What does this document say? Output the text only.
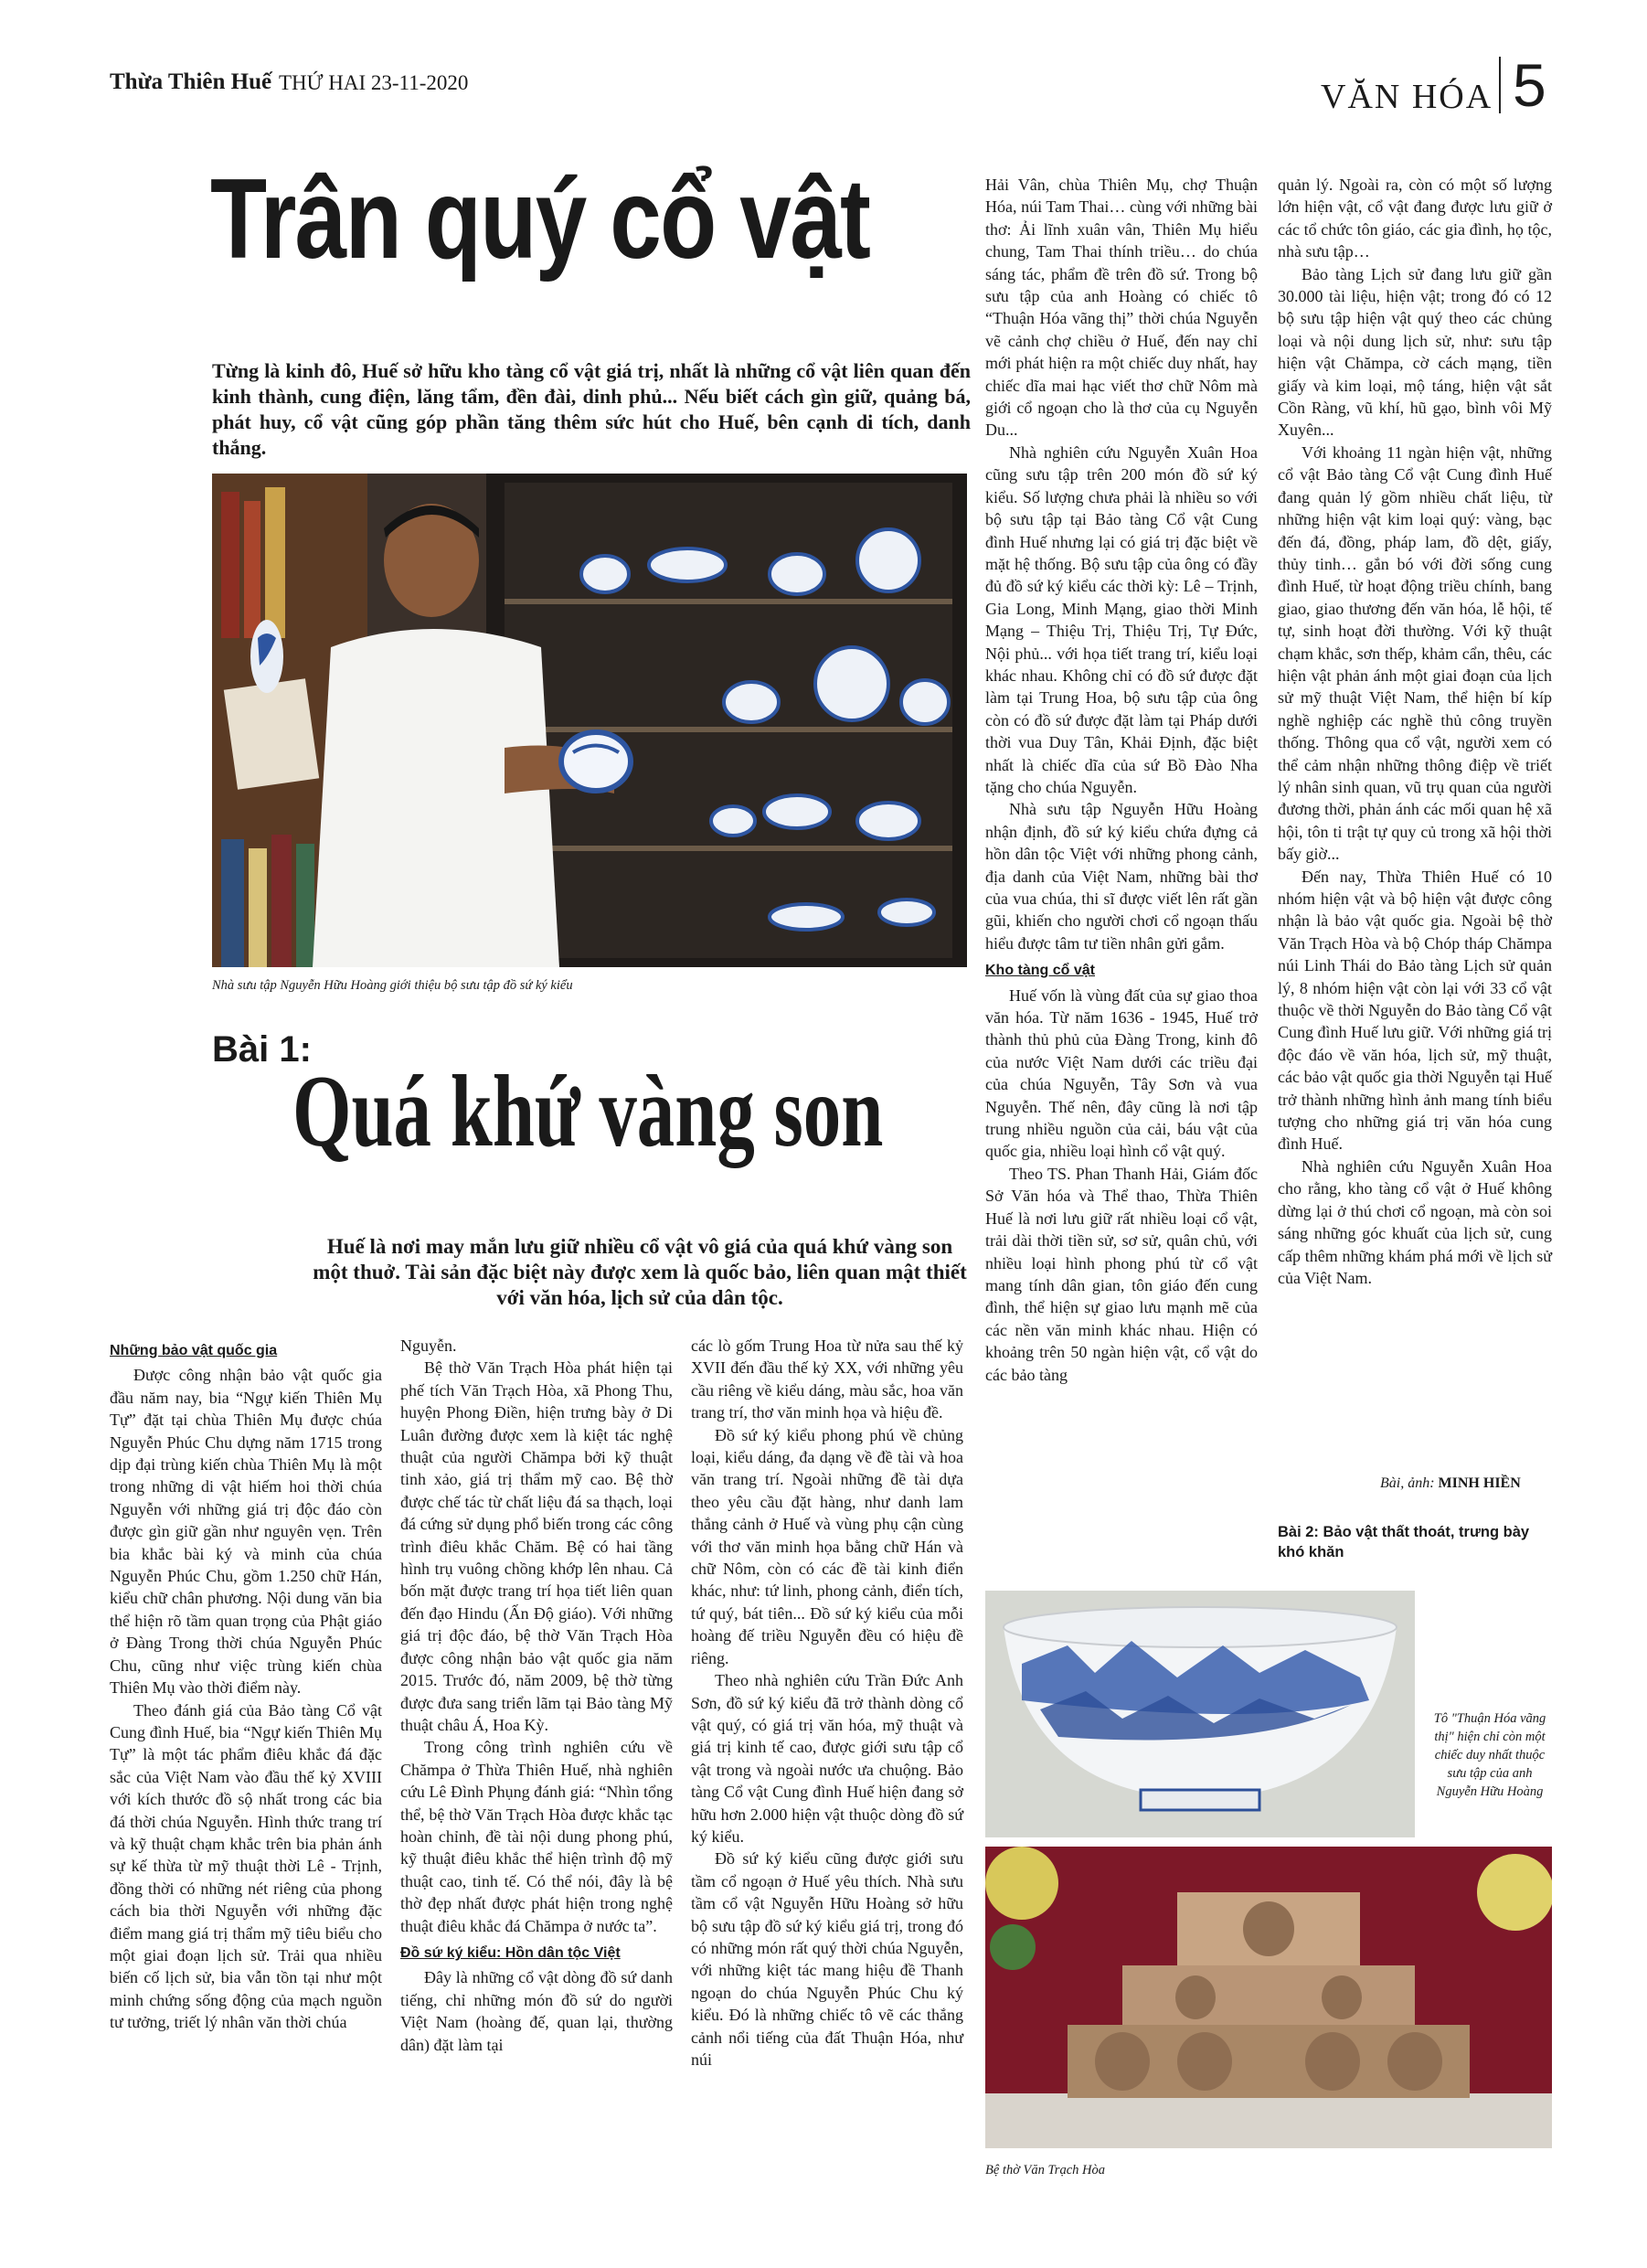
Thừa Thiên Huế THỨ HAI 23-11-2020	VĂN HÓA 5
Trân quý cổ vật
Từng là kinh đô, Huế sở hữu kho tàng cổ vật giá trị, nhất là những cổ vật liên quan đến kinh thành, cung điện, lăng tẩm, đền đài, dinh phủ... Nếu biết cách gìn giữ, quảng bá, phát huy, cổ vật cũng góp phần tăng thêm sức hút cho Huế, bên cạnh di tích, danh thắng.
Nhà sưu tập Nguyễn Hữu Hoàng giới thiệu bộ sưu tập đồ sứ ký kiểu
Bài 1:
Quá khứ vàng son
Huế là nơi may mắn lưu giữ nhiều cổ vật vô giá của quá khứ vàng son một thuở. Tài sản đặc biệt này được xem là quốc bảo, liên quan mật thiết với văn hóa, lịch sử của dân tộc.

Những bảo vật quốc gia

Được công nhận bảo vật quốc gia đầu năm nay, bia “Ngự kiến Thiên Mụ Tự” đặt tại chùa Thiên Mụ được chúa Nguyễn Phúc Chu dựng năm 1715 trong dịp đại trùng kiến chùa Thiên Mụ là một trong những di vật hiếm hoi thời chúa Nguyễn với những giá trị độc đáo còn được gìn giữ gần như nguyên vẹn. Trên bia khắc bài ký và minh của chúa Nguyễn Phúc Chu, gồm 1.250 chữ Hán, kiểu chữ chân phương. Nội dung văn bia thể hiện rõ tầm quan trọng của Phật giáo ở Đàng Trong thời chúa Nguyễn Phúc Chu, cũng như việc trùng kiến chùa Thiên Mụ vào thời điểm này.

Theo đánh giá của Bảo tàng Cổ vật Cung đình Huế, bia “Ngự kiến Thiên Mụ Tự” là một tác phẩm điêu khắc đá đặc sắc của Việt Nam vào đầu thế kỷ XVIII với kích thước đồ sộ nhất trong các bia đá thời chúa Nguyễn. Hình thức trang trí và kỹ thuật chạm khắc trên bia phản ánh sự kế thừa từ mỹ thuật thời Lê - Trịnh, đồng thời có những nét riêng của phong cách bia thời Nguyễn với những đặc điểm mang giá trị thẩm mỹ tiêu biểu cho một giai đoạn lịch sử. Trải qua nhiều biến cố lịch sử, bia vẫn tồn tại như một minh chứng sống động của mạch nguồn tư tưởng, triết lý nhân văn thời chúa

Nguyễn.

Bệ thờ Văn Trạch Hòa phát hiện tại phế tích Văn Trạch Hòa, xã Phong Thu, huyện Phong Điền, hiện trưng bày ở Di Luân đường được xem là kiệt tác nghệ thuật của người Chămpa bởi kỹ thuật tinh xảo, giá trị thẩm mỹ cao. Bệ thờ được chế tác từ chất liệu đá sa thạch, loại đá cứng sử dụng phổ biến trong các công trình điêu khắc Chăm. Bệ có hai tầng hình trụ vuông chồng khớp lên nhau. Cả bốn mặt được trang trí họa tiết liên quan đến đạo Hindu (Ấn Độ giáo). Với những giá trị độc đáo, bệ thờ Văn Trạch Hòa được công nhận bảo vật quốc gia năm 2015. Trước đó, năm 2009, bệ thờ từng được đưa sang triển lãm tại Bảo tàng Mỹ thuật châu Á, Hoa Kỳ.

Trong công trình nghiên cứu về Chămpa ở Thừa Thiên Huế, nhà nghiên cứu Lê Đình Phụng đánh giá: “Nhìn tổng thể, bệ thờ Văn Trạch Hòa được khắc tạc hoàn chỉnh, đề tài nội dung phong phú, kỹ thuật điêu khắc thể hiện trình độ mỹ thuật cao, tinh tế. Có thể nói, đây là bệ thờ đẹp nhất được phát hiện trong nghệ thuật điêu khắc đá Chămpa ở nước ta”.

Đồ sứ ký kiểu: Hồn dân tộc Việt

Đây là những cổ vật dòng đồ sứ danh tiếng, chỉ những món đồ sứ do người Việt Nam (hoàng đế, quan lại, thường dân) đặt làm tại

các lò gốm Trung Hoa từ nửa sau thế kỷ XVII đến đầu thế kỷ XX, với những yêu cầu riêng về kiểu dáng, màu sắc, hoa văn trang trí, thơ văn minh họa và hiệu đề.

Đồ sứ ký kiểu phong phú về chủng loại, kiểu dáng, đa dạng về đề tài và hoa văn trang trí. Ngoài những đề tài dựa theo yêu cầu đặt hàng, như danh lam thắng cảnh ở Huế và vùng phụ cận cùng với thơ văn minh họa bằng chữ Hán và chữ Nôm, còn có các đề tài kinh điển khác, như: tứ linh, phong cảnh, điển tích, tứ quý, bát tiên... Đồ sứ ký kiểu của mỗi hoàng đế triều Nguyễn đều có hiệu đề riêng.

Theo nhà nghiên cứu Trần Đức Anh Sơn, đồ sứ ký kiểu đã trở thành dòng cổ vật quý, có giá trị văn hóa, mỹ thuật và giá trị kinh tế cao, được giới sưu tập cổ vật trong và ngoài nước ưa chuộng. Bảo tàng Cổ vật Cung đình Huế hiện đang sở hữu hơn 2.000 hiện vật thuộc dòng đồ sứ ký kiểu.

Đồ sứ ký kiểu cũng được giới sưu tầm cổ ngoạn ở Huế yêu thích. Nhà sưu tầm cổ vật Nguyễn Hữu Hoàng sở hữu bộ sưu tập đồ sứ ký kiểu giá trị, trong đó có những món rất quý thời chúa Nguyễn, với những kiệt tác mang hiệu đề Thanh ngoạn do chúa Nguyễn Phúc Chu ký kiểu. Đó là những chiếc tô vẽ các thắng cảnh nổi tiếng của đất Thuận Hóa, như núi

Hải Vân, chùa Thiên Mụ, chợ Thuận Hóa, núi Tam Thai… cùng với những bài thơ: Ải lĩnh xuân vân, Thiên Mụ hiểu chung, Tam Thai thính triều… do chúa sáng tác, phẩm đề trên đồ sứ. Trong bộ sưu tập của anh Hoàng có chiếc tô “Thuận Hóa vãng thị” thời chúa Nguyễn vẽ cảnh chợ chiều ở Huế, đến nay chỉ mới phát hiện ra một chiếc duy nhất, hay chiếc dĩa mai hạc viết thơ chữ Nôm mà giới cổ ngoạn cho là thơ của cụ Nguyễn Du...

Nhà nghiên cứu Nguyễn Xuân Hoa cũng sưu tập trên 200 món đồ sứ ký kiểu. Số lượng chưa phải là nhiều so với bộ sưu tập tại Bảo tàng Cổ vật Cung đình Huế nhưng lại có giá trị đặc biệt về mặt hệ thống. Bộ sưu tập của ông có đầy đủ đồ sứ ký kiểu các thời kỳ: Lê – Trịnh, Gia Long, Minh Mạng, giao thời Minh Mạng – Thiệu Trị, Thiệu Trị, Tự Đức, Nội phủ... với họa tiết trang trí, kiểu loại khác nhau. Không chỉ có đồ sứ được đặt làm tại Trung Hoa, bộ sưu tập của ông còn có đồ sứ được đặt làm tại Pháp dưới thời vua Duy Tân, Khải Định, đặc biệt nhất là chiếc dĩa của sứ Bồ Đào Nha tặng cho chúa Nguyễn.

Nhà sưu tập Nguyễn Hữu Hoàng nhận định, đồ sứ ký kiểu chứa đựng cả hồn dân tộc Việt với những phong cảnh, địa danh của Việt Nam, những bài thơ của vua chúa, thi sĩ được viết lên rất gần gũi, khiến cho người chơi cổ ngoạn thấu hiểu được tâm tư tiền nhân gửi gắm.

Kho tàng cổ vật

Huế vốn là vùng đất của sự giao thoa văn hóa. Từ năm 1636 - 1945, Huế trở thành thủ phủ của Đàng Trong, kinh đô của nước Việt Nam dưới các triều đại của chúa Nguyễn, Tây Sơn và vua Nguyễn. Thế nên, đây cũng là nơi tập trung nhiều nguồn của cải, báu vật của quốc gia, nhiều loại hình cổ vật quý.

Theo TS. Phan Thanh Hải, Giám đốc Sở Văn hóa và Thể thao, Thừa Thiên Huế là nơi lưu giữ rất nhiều loại cổ vật, trải dài thời tiền sử, sơ sử, quân chủ, với nhiều loại hình phong phú từ cổ vật mang tính dân gian, tôn giáo đến cung đình, thể hiện sự giao lưu mạnh mẽ của các nền văn minh khác nhau. Hiện có khoảng trên 50 ngàn hiện vật, cổ vật do các bảo tàng

quản lý. Ngoài ra, còn có một số lượng lớn hiện vật, cổ vật đang được lưu giữ ở các tổ chức tôn giáo, các gia đình, họ tộc, nhà sưu tập…

Bảo tàng Lịch sử đang lưu giữ gần 30.000 tài liệu, hiện vật; trong đó có 12 bộ sưu tập hiện vật quý theo các chủng loại và nội dung lịch sử, như: sưu tập hiện vật Chămpa, cờ cách mạng, tiền giấy và kim loại, mộ táng, hiện vật sắt Cồn Ràng, vũ khí, hũ gạo, bình vôi Mỹ Xuyên...

Với khoảng 11 ngàn hiện vật, những cổ vật Bảo tàng Cổ vật Cung đình Huế đang quản lý gồm nhiều chất liệu, từ những hiện vật kim loại quý: vàng, bạc đến đá, đồng, pháp lam, đồ dệt, giấy, thủy tinh… gắn bó với đời sống cung đình Huế, từ hoạt động triều chính, bang giao, giao thương đến văn hóa, lễ hội, tế tự, sinh hoạt đời thường. Với kỹ thuật chạm khắc, sơn thếp, khảm cẩn, thêu, các hiện vật phản ánh một giai đoạn của lịch sử mỹ thuật Việt Nam, thể hiện bí kíp nghề nghiệp các nghề thủ công truyền thống. Thông qua cổ vật, người xem có thể cảm nhận những thông điệp về triết lý nhân sinh quan, vũ trụ quan của người đương thời, phản ánh các mối quan hệ xã hội, tôn ti trật tự quy củ trong xã hội thời bấy giờ...

Đến nay, Thừa Thiên Huế có 10 nhóm hiện vật và bộ hiện vật được công nhận là bảo vật quốc gia. Ngoài bệ thờ Văn Trạch Hòa và bộ Chóp tháp Chămpa núi Linh Thái do Bảo tàng Lịch sử quản lý, 8 nhóm hiện vật còn lại với 33 cổ vật thuộc về thời Nguyễn do Bảo tàng Cổ vật Cung đình Huế lưu giữ. Với những giá trị độc đáo về văn hóa, lịch sử, mỹ thuật, các bảo vật quốc gia thời Nguyễn tại Huế trở thành những hình ảnh mang tính biểu tượng cho những giá trị văn hóa cung đình Huế.

Nhà nghiên cứu Nguyễn Xuân Hoa cho rằng, kho tàng cổ vật ở Huế không dừng lại ở thú chơi cổ ngoạn, mà còn soi sáng những góc khuất của lịch sử, cung cấp thêm những khám phá mới về lịch sử của Việt Nam.

Bài, ảnh: MINH HIỀN
Bài 2: Bảo vật thất thoát, trưng bày khó khăn
Tô "Thuận Hóa vãng thị" hiện chỉ còn một chiếc duy nhất thuộc sưu tập của anh Nguyễn Hữu Hoàng
Bệ thờ Văn Trạch Hòa
